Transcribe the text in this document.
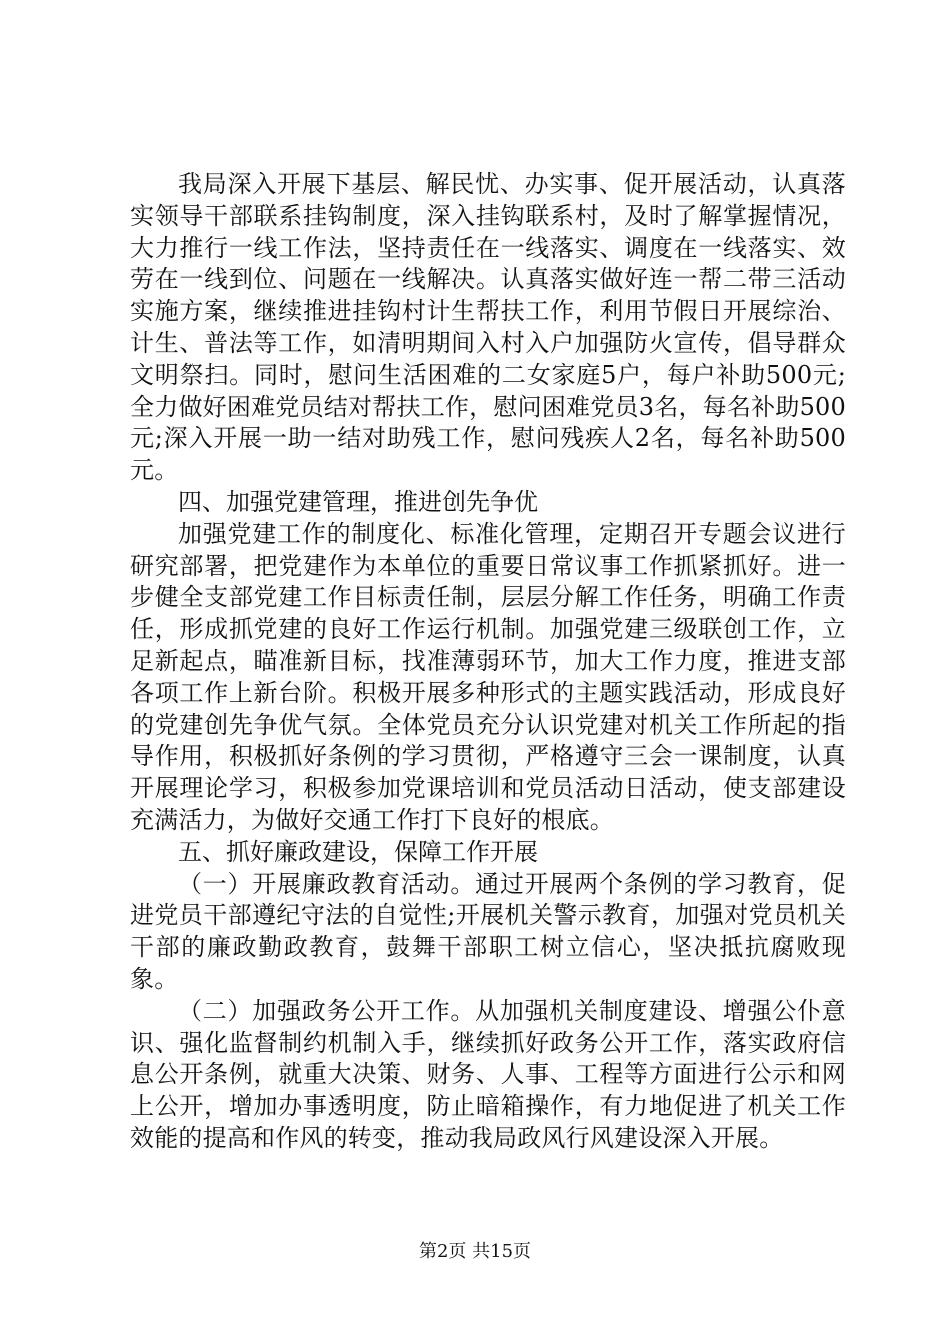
我局深入开展下基层、解民忧、办实事、促开展活动，认真落实领导干部联系挂钩制度，深入挂钩联系村，及时了解掌握情况，大力推行一线工作法，坚持责任在一线落实、调度在一线落实、效劳在一线到位、问题在一线解决。认真落实做好连一帮二带三活动实施方案，继续推进挂钩村计生帮扶工作，利用节假日开展综治、计生、普法等工作，如清明期间入村入户加强防火宣传，倡导群众文明祭扫。同时，慰问生活困难的二女家庭5户，每户补助500元;全力做好困难党员结对帮扶工作，慰问困难党员3名，每名补助500元;深入开展一助一结对助残工作，慰问残疾人2名，每名补助500元。

四、加强党建管理，推进创先争优

加强党建工作的制度化、标准化管理，定期召开专题会议进行研究部署，把党建作为本单位的重要日常议事工作抓紧抓好。进一步健全支部党建工作目标责任制，层层分解工作任务，明确工作责任，形成抓党建的良好工作运行机制。加强党建三级联创工作，立足新起点，瞄准新目标，找准薄弱环节，加大工作力度，推进支部各项工作上新台阶。积极开展多种形式的主题实践活动，形成良好的党建创先争优气氛。全体党员充分认识党建对机关工作所起的指导作用，积极抓好条例的学习贯彻，严格遵守三会一课制度，认真开展理论学习，积极参加党课培训和党员活动日活动，使支部建设充满活力，为做好交通工作打下良好的根底。

五、抓好廉政建设，保障工作开展

（一）开展廉政教育活动。通过开展两个条例的学习教育，促进党员干部遵纪守法的自觉性;开展机关警示教育，加强对党员机关干部的廉政勤政教育，鼓舞干部职工树立信心，坚决抵抗腐败现象。

（二）加强政务公开工作。从加强机关制度建设、增强公仆意识、强化监督制约机制入手，继续抓好政务公开工作，落实政府信息公开条例，就重大决策、财务、人事、工程等方面进行公示和网上公开，增加办事透明度，防止暗箱操作，有力地促进了机关工作效能的提高和作风的转变，推动我局政风行风建设深入开展。

第2页 共15页
